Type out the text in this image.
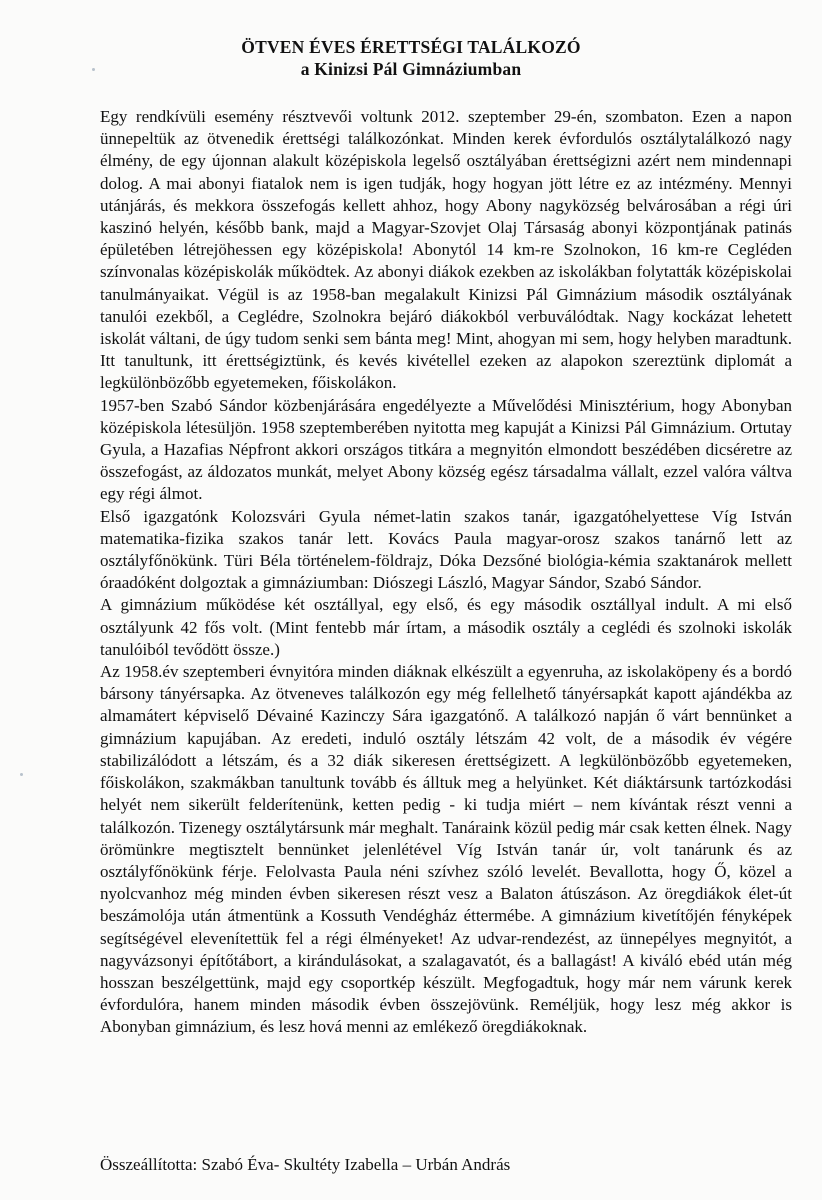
ÖTVEN ÉVES ÉRETTSÉGI TALÁLKOZÓ
a Kinizsi Pál Gimnáziumban

Egy rendkívüli esemény résztvevői voltunk 2012. szeptember 29-én, szombaton. Ezen a napon ünnepeltük az ötvenedik érettségi találkozónkat. Minden kerek évfordulós osztálytalálkozó nagy élmény, de egy újonnan alakult középiskola legelső osztályában érettségizni azért nem mindennapi dolog. A mai abonyi fiatalok nem is igen tudják, hogy hogyan jött létre ez az intézmény. Mennyi utánjárás, és mekkora összefogás kellett ahhoz, hogy Abony nagyközség belvárosában a régi úri kaszinó helyén, később bank, majd a Magyar-Szovjet Olaj Társaság abonyi központjának patinás épületében létrejöhessen egy középiskola! Abonytól 14 km-re Szolnokon, 16 km-re Cegléden színvonalas középiskolák működtek. Az abonyi diákok ezekben az iskolákban folytatták középiskolai tanulmányaikat. Végül is az 1958-ban megalakult Kinizsi Pál Gimnázium második osztályának tanulói ezekből, a Ceglédre, Szolnokra bejáró diákokból verbuválódtak. Nagy kockázat lehetett iskolát váltani, de úgy tudom senki sem bánta meg! Mint, ahogyan mi sem, hogy helyben maradtunk. Itt tanultunk, itt érettségiztünk, és kevés kivétellel ezeken az alapokon szereztünk diplomát a legkülönbözőbb egyetemeken, főiskolákon.

1957-ben Szabó Sándor közbenjárására engedélyezte a Művelődési Minisztérium, hogy Abonyban középiskola létesüljön. 1958 szeptemberében nyitotta meg kapuját a Kinizsi Pál Gimnázium. Ortutay Gyula, a Hazafias Népfront akkori országos titkára a megnyitón elmondott beszédében dicséretre az összefogást, az áldozatos munkát, melyet Abony község egész társadalma vállalt, ezzel valóra váltva egy régi álmot.

Első igazgatónk Kolozsvári Gyula német-latin szakos tanár, igazgatóhelyettese Víg István matematika-fizika szakos tanár lett. Kovács Paula magyar-orosz szakos tanárnő lett az osztályfőnökünk. Türi Béla történelem-földrajz, Dóka Dezsőné biológia-kémia szaktanárok mellett óraadóként dolgoztak a gimnáziumban: Diószegi László, Magyar Sándor, Szabó Sándor.

A gimnázium működése két osztállyal, egy első, és egy második osztállyal indult. A mi első osztályunk 42 fős volt. (Mint fentebb már írtam, a második osztály a ceglédi és szolnoki iskolák tanulóiból tevődött össze.)

Az 1958.év szeptemberi évnyitóra minden diáknak elkészült a egyenruha, az iskolaköpeny és a bordó bársony tányérsapka. Az ötveneves találkozón egy még fellelhető tányérsapkát kapott ajándékba az almamátert képviselő Dévainé Kazinczy Sára igazgatónő. A találkozó napján ő várt bennünket a gimnázium kapujában. Az eredeti, induló osztály létszám 42 volt, de a második év végére stabilizálódott a létszám, és a 32 diák sikeresen érettségizett. A legkülönbözőbb egyetemeken, főiskolákon, szakmákban tanultunk tovább és álltuk meg a helyünket. Két diáktársunk tartózkodási helyét nem sikerült felderítenünk, ketten pedig - ki tudja miért – nem kívántak részt venni a találkozón. Tizenegy osztálytársunk már meghalt. Tanáraink közül pedig már csak ketten élnek. Nagy örömünkre megtisztelt bennünket jelenlétével Víg István tanár úr, volt tanárunk és az osztályfőnökünk férje. Felolvasta Paula néni szívhez szóló levelét. Bevallotta, hogy Ő, közel a nyolcvanhoz még minden évben sikeresen részt vesz a Balaton átúszáson. Az öregdiákok élet-út beszámolója után átmentünk a Kossuth Vendégház éttermébe. A gimnázium kivetítőjén fényképek segítségével elevenítettük fel a régi élményeket! Az udvar-rendezést, az ünnepélyes megnyitót, a nagyvázsonyi építőtábort, a kirándulásokat, a szalagavatót, és a ballagást! A kiváló ebéd után még hosszan beszélgettünk, majd egy csoportkép készült. Megfogadtuk, hogy már nem várunk kerek évfordulóra, hanem minden második évben összejövünk. Reméljük, hogy lesz még akkor is Abonyban gimnázium, és lesz hová menni az emlékező öregdiákoknak.

Összeállította: Szabó Éva- Skultéty Izabella – Urbán András
